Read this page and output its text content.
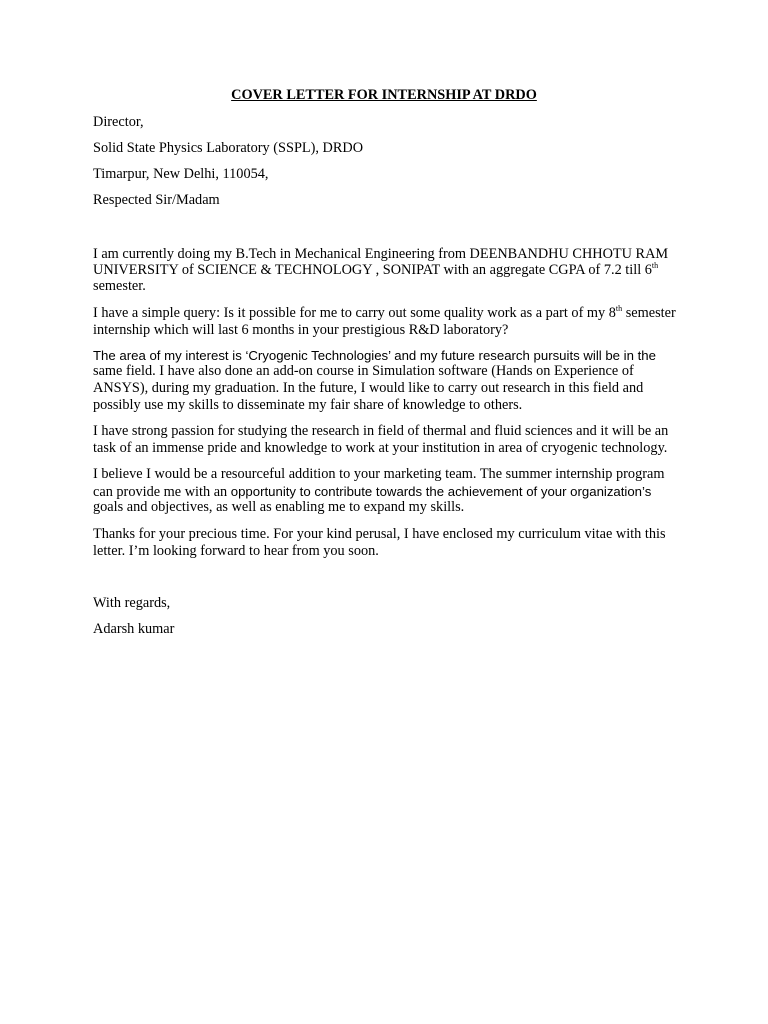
COVER LETTER FOR INTERNSHIP AT DRDO
Director,
Solid State Physics Laboratory (SSPL), DRDO
Timarpur, New Delhi, 110054,
Respected Sir/Madam
I am currently doing my B.Tech in Mechanical Engineering from DEENBANDHU CHHOTU RAM
UNIVERSITY of SCIENCE & TECHNOLOGY , SONIPAT with an aggregate CGPA of 7.2 till 6th
semester.
I have a simple query: Is it possible for me to carry out some quality work as a part of my 8th semester
internship which will last 6 months in your prestigious R&D laboratory?
The area of my interest is ‘Cryogenic Technologies’ and my future research pursuits will be in the
same field. I have also done an add-on course in Simulation software (Hands on Experience of
ANSYS), during my graduation. In the future, I would like to carry out research in this field and
possibly use my skills to disseminate my fair share of knowledge to others.
I have strong passion for studying the research in field of thermal and fluid sciences and it will be an
task of an immense pride and knowledge to work at your institution in area of cryogenic technology.
I believe I would be a resourceful addition to your marketing team. The summer internship program
can provide me with an opportunity to contribute towards the achievement of your organization’s
goals and objectives, as well as enabling me to expand my skills.
Thanks for your precious time. For your kind perusal, I have enclosed my curriculum vitae with this
letter. I’m looking forward to hear from you soon.
With regards,
Adarsh kumar
